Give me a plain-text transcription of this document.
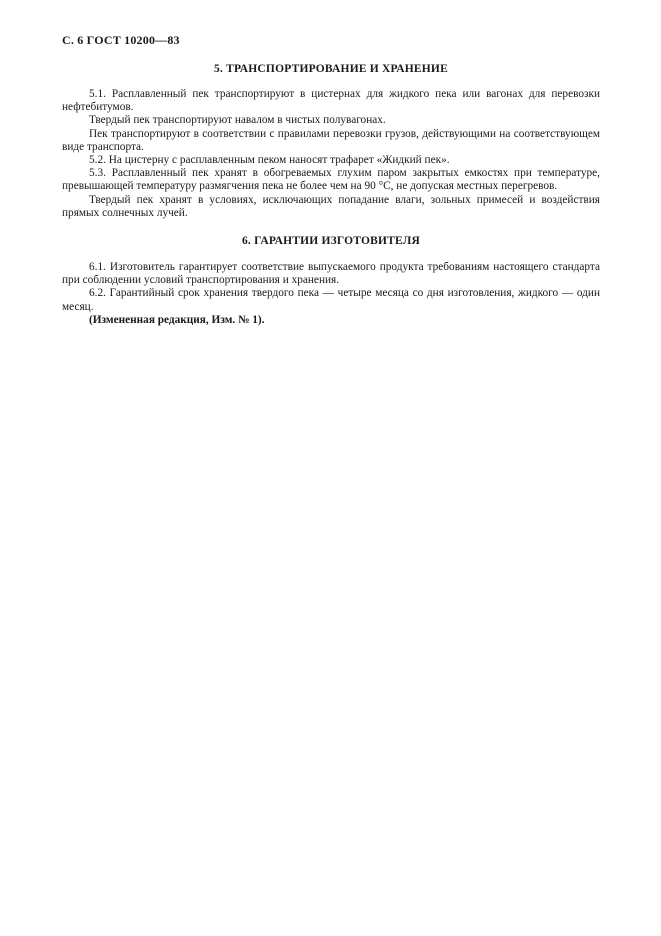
С. 6 ГОСТ 10200—83
5. ТРАНСПОРТИРОВАНИЕ И ХРАНЕНИЕ

5.1. Расплавленный пек транспортируют в цистернах для жидкого пека или вагонах для перевозки нефтебитумов.

Твердый пек транспортируют навалом в чистых полувагонах.

Пек транспортируют в соответствии с правилами перевозки грузов, действующими на соответствующем виде транспорта.

5.2. На цистерну с расплавленным пеком наносят трафарет «Жидкий пек».

5.3. Расплавленный пек хранят в обогреваемых глухим паром закрытых емкостях при температуре, превышающей температуру размягчения пека не более чем на 90 °С, не допуская местных перегревов.

Твердый пек хранят в условиях, исключающих попадание влаги, зольных примесей и воздействия прямых солнечных лучей.

6. ГАРАНТИИ ИЗГОТОВИТЕЛЯ

6.1. Изготовитель гарантирует соответствие выпускаемого продукта требованиям настоящего стандарта при соблюдении условий транспортирования и хранения.

6.2. Гарантийный срок хранения твердого пека — четыре месяца со дня изготовления, жидкого — один месяц.

(Измененная редакция, Изм. № 1).
